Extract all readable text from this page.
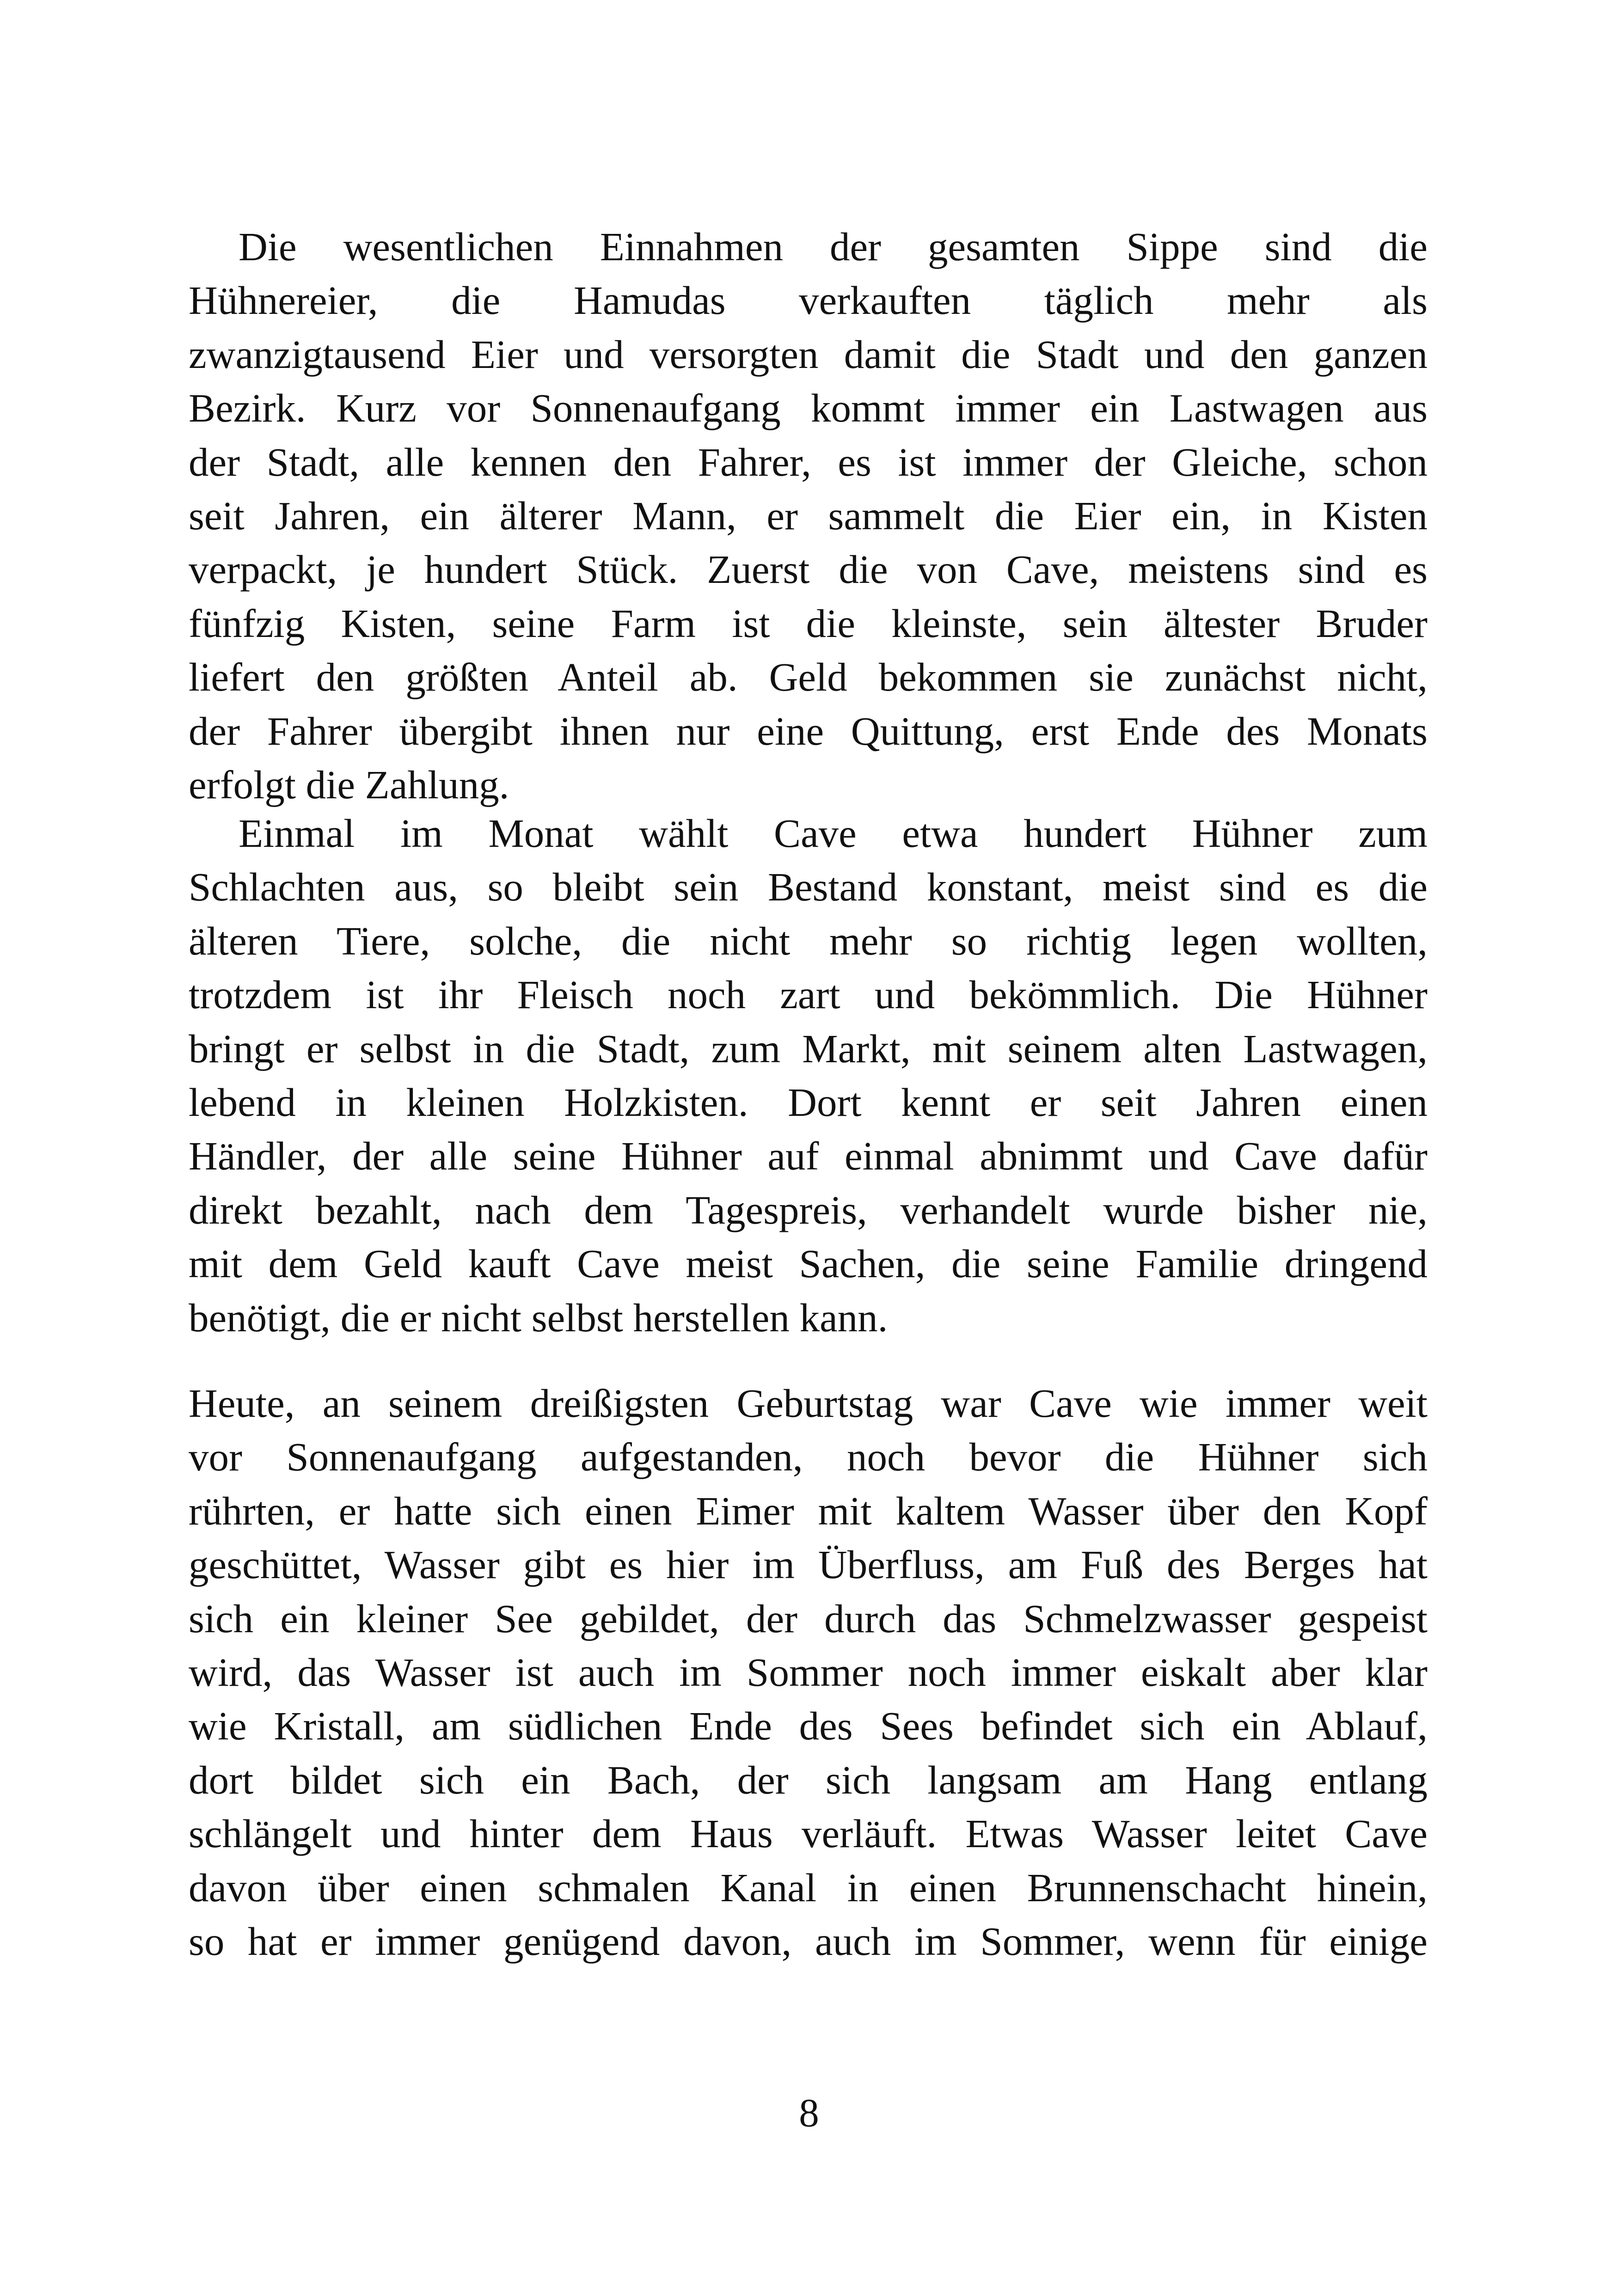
Die wesentlichen Einnahmen der gesamten Sippe sind die
Hühnereier, die Hamudas verkauften täglich mehr als
zwanzigtausend Eier und versorgten damit die Stadt und den ganzen
Bezirk. Kurz vor Sonnenaufgang kommt immer ein Lastwagen aus
der Stadt, alle kennen den Fahrer, es ist immer der Gleiche, schon
seit Jahren, ein älterer Mann, er sammelt die Eier ein, in Kisten
verpackt, je hundert Stück. Zuerst die von Cave, meistens sind es
fünfzig Kisten, seine Farm ist die kleinste, sein ältester Bruder
liefert den größten Anteil ab. Geld bekommen sie zunächst nicht,
der Fahrer übergibt ihnen nur eine Quittung, erst Ende des Monats
erfolgt die Zahlung.
Einmal im Monat wählt Cave etwa hundert Hühner zum
Schlachten aus, so bleibt sein Bestand konstant, meist sind es die
älteren Tiere, solche, die nicht mehr so richtig legen wollten,
trotzdem ist ihr Fleisch noch zart und bekömmlich. Die Hühner
bringt er selbst in die Stadt, zum Markt, mit seinem alten Lastwagen,
lebend in kleinen Holzkisten. Dort kennt er seit Jahren einen
Händler, der alle seine Hühner auf einmal abnimmt und Cave dafür
direkt bezahlt, nach dem Tagespreis, verhandelt wurde bisher nie,
mit dem Geld kauft Cave meist Sachen, die seine Familie dringend
benötigt, die er nicht selbst herstellen kann.
Heute, an seinem dreißigsten Geburtstag war Cave wie immer weit
vor Sonnenaufgang aufgestanden, noch bevor die Hühner sich
rührten, er hatte sich einen Eimer mit kaltem Wasser über den Kopf
geschüttet, Wasser gibt es hier im Überfluss, am Fuß des Berges hat
sich ein kleiner See gebildet, der durch das Schmelzwasser gespeist
wird, das Wasser ist auch im Sommer noch immer eiskalt aber klar
wie Kristall, am südlichen Ende des Sees befindet sich ein Ablauf,
dort bildet sich ein Bach, der sich langsam am Hang entlang
schlängelt und hinter dem Haus verläuft. Etwas Wasser leitet Cave
davon über einen schmalen Kanal in einen Brunnenschacht hinein,
so hat er immer genügend davon, auch im Sommer, wenn für einige
8
